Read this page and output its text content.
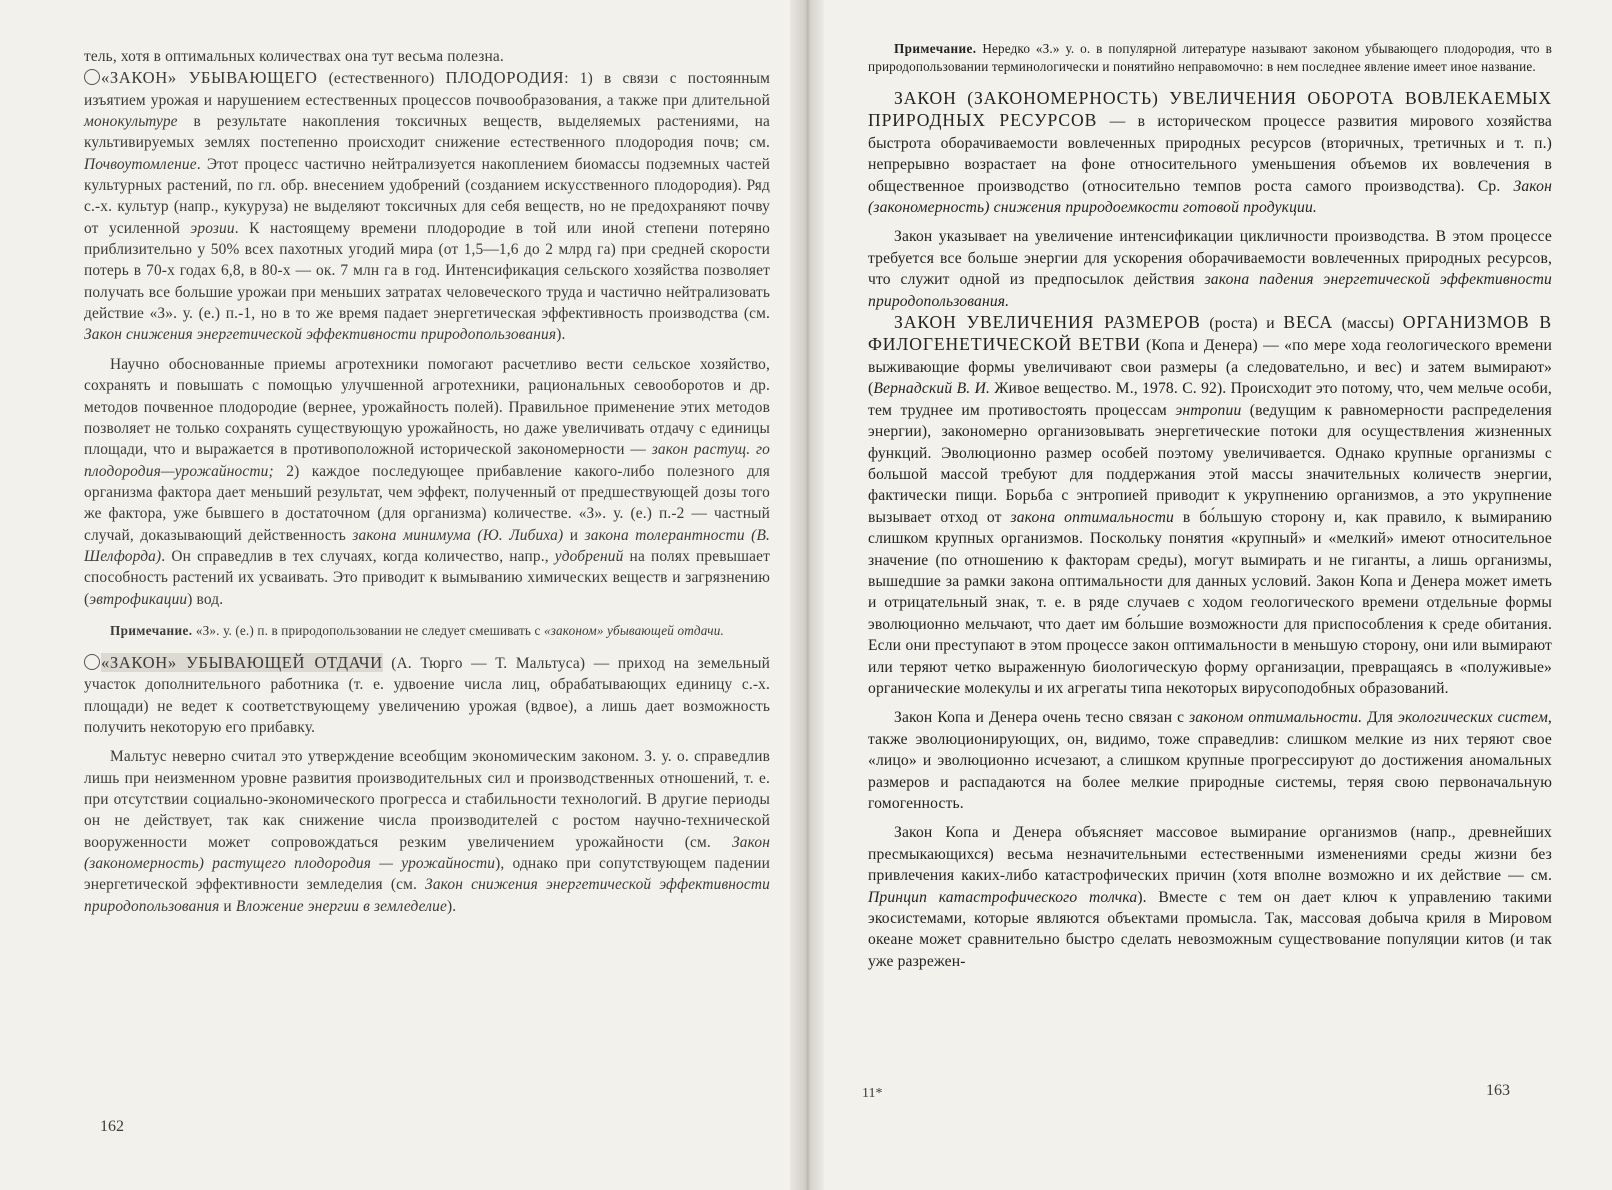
тель, хотя в оптимальных количествах она тут весьма полезна.

«ЗАКОН» УБЫВАЮЩЕГО (естественного) ПЛОДОРОДИЯ: 1) в связи с постоянным изъятием урожая и нарушением естественных процессов почвообразования, а также при длительной монокультуре в результате накопления токсичных веществ, выделяемых растениями, на культивируемых землях постепенно происходит снижение естественного плодородия почв; см. Почвоутомление. Этот процесс частично нейтрализуется накоплением биомассы подземных частей культурных растений, по гл. обр. внесением удобрений (созданием искусственного плодородия). Ряд с.-х. культур (напр., кукуруза) не выделяют токсичных для себя веществ, но не предохраняют почву от усиленной эрозии. К настоящему времени плодородие в той или иной степени потеряно приблизительно у 50% всех пахотных угодий мира (от 1,5—1,6 до 2 млрд га) при средней скорости потерь в 70-х годах 6,8, в 80-х — ок. 7 млн га в год. Интенсификация сельского хозяйства позволяет получать все большие урожаи при меньших затратах человеческого труда и частично нейтрализовать действие «З». у. (е.) п.-1, но в то же время падает энергетическая эффективность производства (см. Закон снижения энергетической эффективности природопользования).

Научно обоснованные приемы агротехники помогают расчетливо вести сельское хозяйство, сохранять и повышать с помощью улучшенной агротехники, рациональных севооборотов и др. методов почвенное плодородие (вернее, урожайность полей). Правильное применение этих методов позволяет не только сохранять существующую урожайность, но даже увеличивать отдачу с единицы площади, что и выражается в противоположной исторической закономерности — закон растущ. го плодородия—урожайности; 2) каждое последующее прибавление какого-либо полезного для организма фактора дает меньший результат, чем эффект, полученный от предшествующей дозы того же фактора, уже бывшего в достаточном (для организма) количестве. «З». у. (е.) п.-2 — частный случай, доказывающий действенность закона минимума (Ю. Либиха) и закона толерантности (В. Шелфорда). Он справедлив в тех случаях, когда количество, напр., удобрений на полях превышает способность растений их усваивать. Это приводит к вымыванию химических веществ и загрязнению (эвтрофикации) вод.

Примечание. «З». у. (е.) п. в природопользовании не следует смешивать с «законом» убывающей отдачи.

«ЗАКОН» УБЫВАЮЩЕЙ ОТДАЧИ (А. Тюрго — Т. Мальтуса) — приход на земельный участок дополнительного работника (т. е. удвоение числа лиц, обрабатывающих единицу с.-х. площади) не ведет к соответствующему увеличению урожая (вдвое), а лишь дает возможность получить некоторую его прибавку.

Мальтус неверно считал это утверждение всеобщим экономическим законом. З. у. о. справедлив лишь при неизменном уровне развития производительных сил и производственных отношений, т. е. при отсутствии социально-экономического прогресса и стабильности технологий. В другие периоды он не действует, так как снижение числа производителей с ростом научно-технической вооруженности может сопровождаться резким увеличением урожайности (см. Закон (закономерность) растущего плодородия — урожайности), однако при сопутствующем падении энергетической эффективности земледелия (см. Закон снижения энергетической эффективности природопользования и Вложение энергии в земледелие).

162

Примечание. Нередко «З.» у. о. в популярной литературе называют законом убывающего плодородия, что в природопользовании терминологически и понятийно неправомочно: в нем последнее явление имеет иное название.

ЗАКОН (ЗАКОНОМЕРНОСТЬ) УВЕЛИЧЕНИЯ ОБОРОТА ВОВЛЕКАЕМЫХ ПРИРОДНЫХ РЕСУРСОВ — в историческом процессе развития мирового хозяйства быстрота оборачиваемости вовлеченных природных ресурсов (вторичных, третичных и т. п.) непрерывно возрастает на фоне относительного уменьшения объемов их вовлечения в общественное производство (относительно темпов роста самого производства). Ср. Закон (закономерность) снижения природоемкости готовой продукции.

Закон указывает на увеличение интенсификации цикличности производства. В этом процессе требуется все больше энергии для ускорения оборачиваемости вовлеченных природных ресурсов, что служит одной из предпосылок действия закона падения энергетической эффективности природопользования.

ЗАКОН УВЕЛИЧЕНИЯ РАЗМЕРОВ (роста) и ВЕСА (массы) ОРГАНИЗМОВ В ФИЛОГЕНЕТИЧЕСКОЙ ВЕТВИ (Копа и Денера) — «по мере хода геологического времени выживающие формы увеличивают свои размеры (а следовательно, и вес) и затем вымирают» (Вернадский В. И. Живое вещество. М., 1978. С. 92). Происходит это потому, что, чем мельче особи, тем труднее им противостоять процессам энтропии (ведущим к равномерности распределения энергии), закономерно организовывать энергетические потоки для осуществления жизненных функций. Эволюционно размер особей поэтому увеличивается. Однако крупные организмы с большой массой требуют для поддержания этой массы значительных количеств энергии, фактически пищи. Борьба с энтропией приводит к укрупнению организмов, а это укрупнение вызывает отход от закона оптимальности в бо́льшую сторону и, как правило, к вымиранию слишком крупных организмов. Поскольку понятия «крупный» и «мелкий» имеют относительное значение (по отношению к факторам среды), могут вымирать и не гиганты, а лишь организмы, вышедшие за рамки закона оптимальности для данных условий. Закон Копа и Денера может иметь и отрицательный знак, т. е. в ряде случаев с ходом геологического времени отдельные формы эволюционно мельчают, что дает им бо́льшие возможности для приспособления к среде обитания. Если они преступают в этом процессе закон оптимальности в меньшую сторону, они или вымирают или теряют четко выраженную биологическую форму организации, превращаясь в «полуживые» органические молекулы и их агрегаты типа некоторых вирусоподобных образований.

Закон Копа и Денера очень тесно связан с законом оптимальности. Для экологических систем, также эволюционирующих, он, видимо, тоже справедлив: слишком мелкие из них теряют свое «лицо» и эволюционно исчезают, а слишком крупные прогрессируют до достижения аномальных размеров и распадаются на более мелкие природные системы, теряя свою первоначальную гомогенность.

Закон Копа и Денера объясняет массовое вымирание организмов (напр., древнейших пресмыкающихся) весьма незначительными естественными изменениями среды жизни без привлечения каких-либо катастрофических причин (хотя вполне возможно и их действие — см. Принцип катастрофического толчка). Вместе с тем он дает ключ к управлению такими экосистемами, которые являются объектами промысла. Так, массовая добыча криля в Мировом океане может сравнительно быстро сделать невозможным существование популяции китов (и так уже разрежен-

11*	163
